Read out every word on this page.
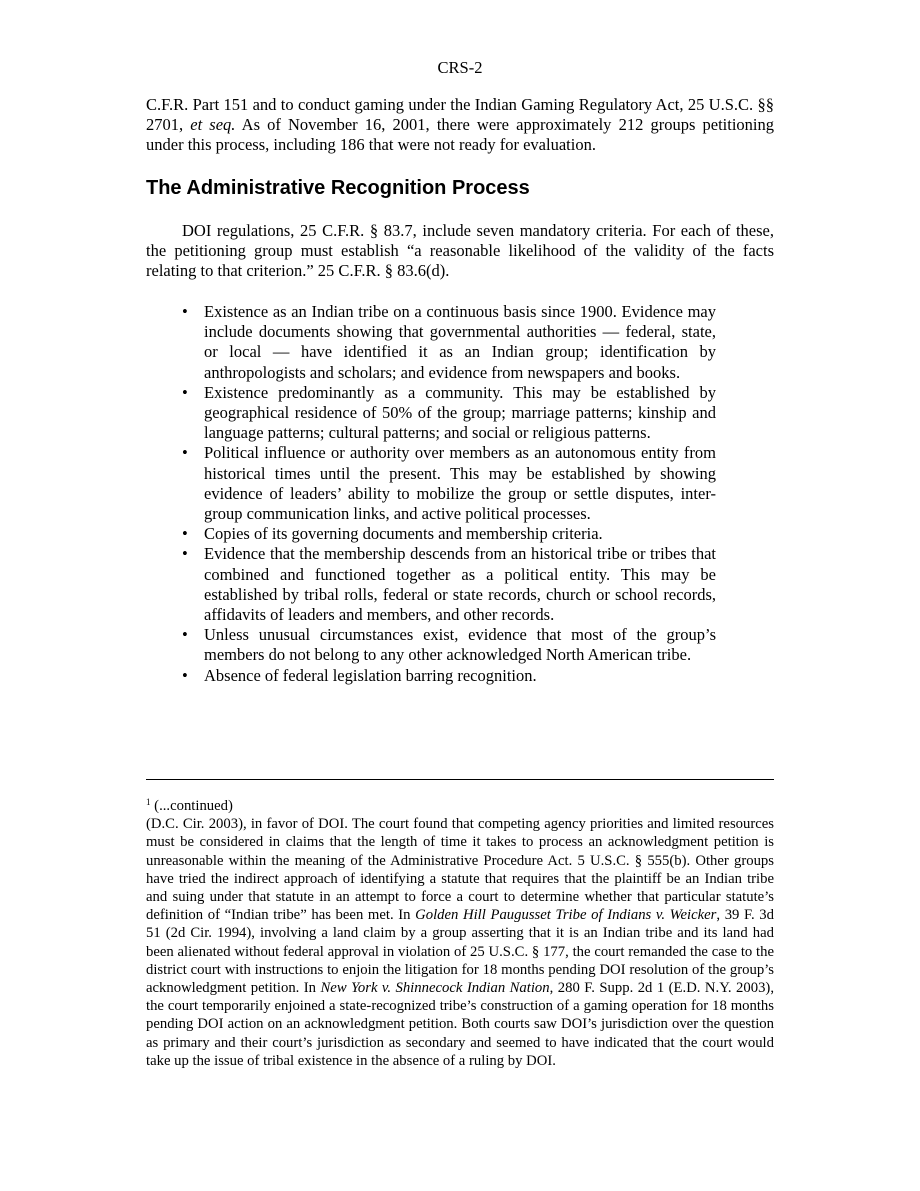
CRS-2

C.F.R. Part 151 and to conduct gaming under the Indian Gaming Regulatory Act, 25 U.S.C. §§ 2701, et seq. As of November 16, 2001, there were approximately 212 groups petitioning under this process, including 186 that were not ready for evaluation.

The Administrative Recognition Process

DOI regulations, 25 C.F.R. § 83.7, include seven mandatory criteria. For each of these, the petitioning group must establish “a reasonable likelihood of the validity of the facts relating to that criterion.” 25 C.F.R. § 83.6(d).

• Existence as an Indian tribe on a continuous basis since 1900. Evidence may include documents showing that governmental authorities — federal, state, or local — have identified it as an Indian group; identification by anthropologists and scholars; and evidence from newspapers and books.
• Existence predominantly as a community. This may be established by geographical residence of 50% of the group; marriage patterns; kinship and language patterns; cultural patterns; and social or religious patterns.
• Political influence or authority over members as an autonomous entity from historical times until the present. This may be established by showing evidence of leaders’ ability to mobilize the group or settle disputes, inter-group communication links, and active political processes.
• Copies of its governing documents and membership criteria.
• Evidence that the membership descends from an historical tribe or tribes that combined and functioned together as a political entity. This may be established by tribal rolls, federal or state records, church or school records, affidavits of leaders and members, and other records.
• Unless unusual circumstances exist, evidence that most of the group’s members do not belong to any other acknowledged North American tribe.
• Absence of federal legislation barring recognition.
$^1$ (...continued)
(D.C. Cir. 2003), in favor of DOI. The court found that competing agency priorities and limited resources must be considered in claims that the length of time it takes to process an acknowledgment petition is unreasonable within the meaning of the Administrative Procedure Act. 5 U.S.C. § 555(b). Other groups have tried the indirect approach of identifying a statute that requires that the plaintiff be an Indian tribe and suing under that statute in an attempt to force a court to determine whether that particular statute’s definition of “Indian tribe” has been met. In Golden Hill Paugusset Tribe of Indians v. Weicker, 39 F. 3d 51 (2d Cir. 1994), involving a land claim by a group asserting that it is an Indian tribe and its land had been alienated without federal approval in violation of 25 U.S.C. § 177, the court remanded the case to the district court with instructions to enjoin the litigation for 18 months pending DOI resolution of the group’s acknowledgment petition. In New York v. Shinnecock Indian Nation, 280 F. Supp. 2d 1 (E.D. N.Y. 2003), the court temporarily enjoined a state-recognized tribe’s construction of a gaming operation for 18 months pending DOI action on an acknowledgment petition. Both courts saw DOI’s jurisdiction over the question as primary and their court’s jurisdiction as secondary and seemed to have indicated that the court would take up the issue of tribal existence in the absence of a ruling by DOI.
